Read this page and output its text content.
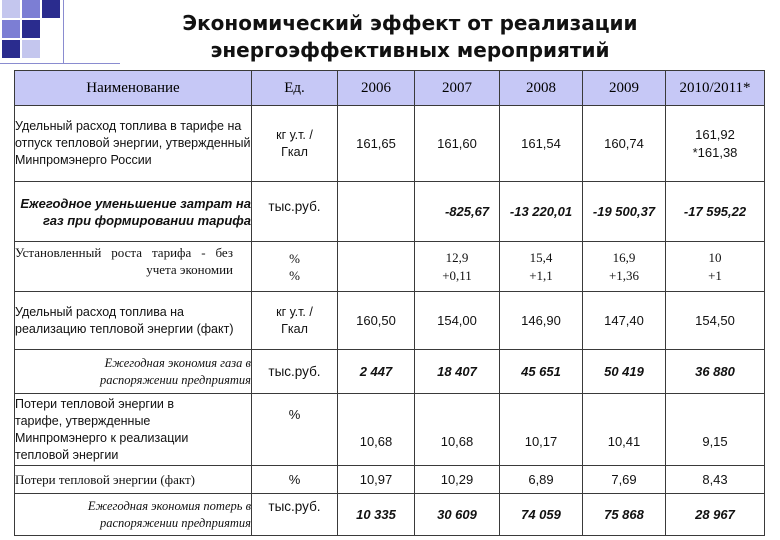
Экономический эффект от реализации
энергоэффективных мероприятий
Наименование	Ед.	2006	2007	2008	2009	2010/2011*
Удельный расход топлива в тарифе на отпуск тепловой энергии, утвержденный Минпромэнерго России	кг у.т. /Гкал	161,65	161,60	161,54	160,74	161,92 *161,38

Ежегодное уменьшение затрат на газ при формировании тарифа	тыс.руб.		-825,67	-13 220,01	-19 500,37	-17 595,22

Установленный роста тарифа - без учета экономии	% %		12,9 +0,11	15,4 +1,1	16,9 +1,36	10 +1

Удельный расход топлива на реализацию тепловой энергии (факт)	кг у.т. /Гкал	160,50	154,00	146,90	147,40	154,50

Ежегодная экономия газа в распоряжении предприятия	тыс.руб.	2 447	18 407	45 651	50 419	36 880

Потери тепловой энергии в тарифе, утвержденные Минпромэнерго к реализации тепловой энергии	%	10,68	10,68	10,17	10,41	9,15
Потери тепловой энергии (факт)	%	10,97	10,29	6,89	7,69	8,43

Ежегодная экономия потерь в распоряжении предприятия	тыс.руб.	10 335	30 609	74 059	75 868	28 967
